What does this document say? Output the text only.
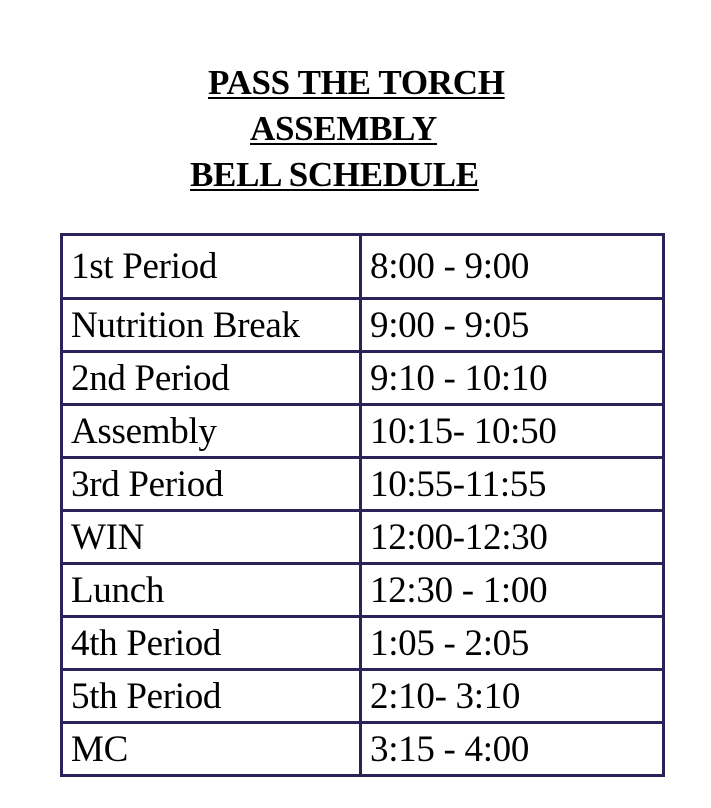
PASS THE TORCH
ASSEMBLY
BELL SCHEDULE
1st Period	8:00 - 9:00
Nutrition Break	9:00 - 9:05
2nd Period	9:10 - 10:10
Assembly	10:15- 10:50
3rd Period	10:55-11:55
WIN	12:00-12:30
Lunch	12:30 - 1:00
4th Period	1:05 - 2:05
5th Period	2:10- 3:10
MC	3:15 - 4:00
